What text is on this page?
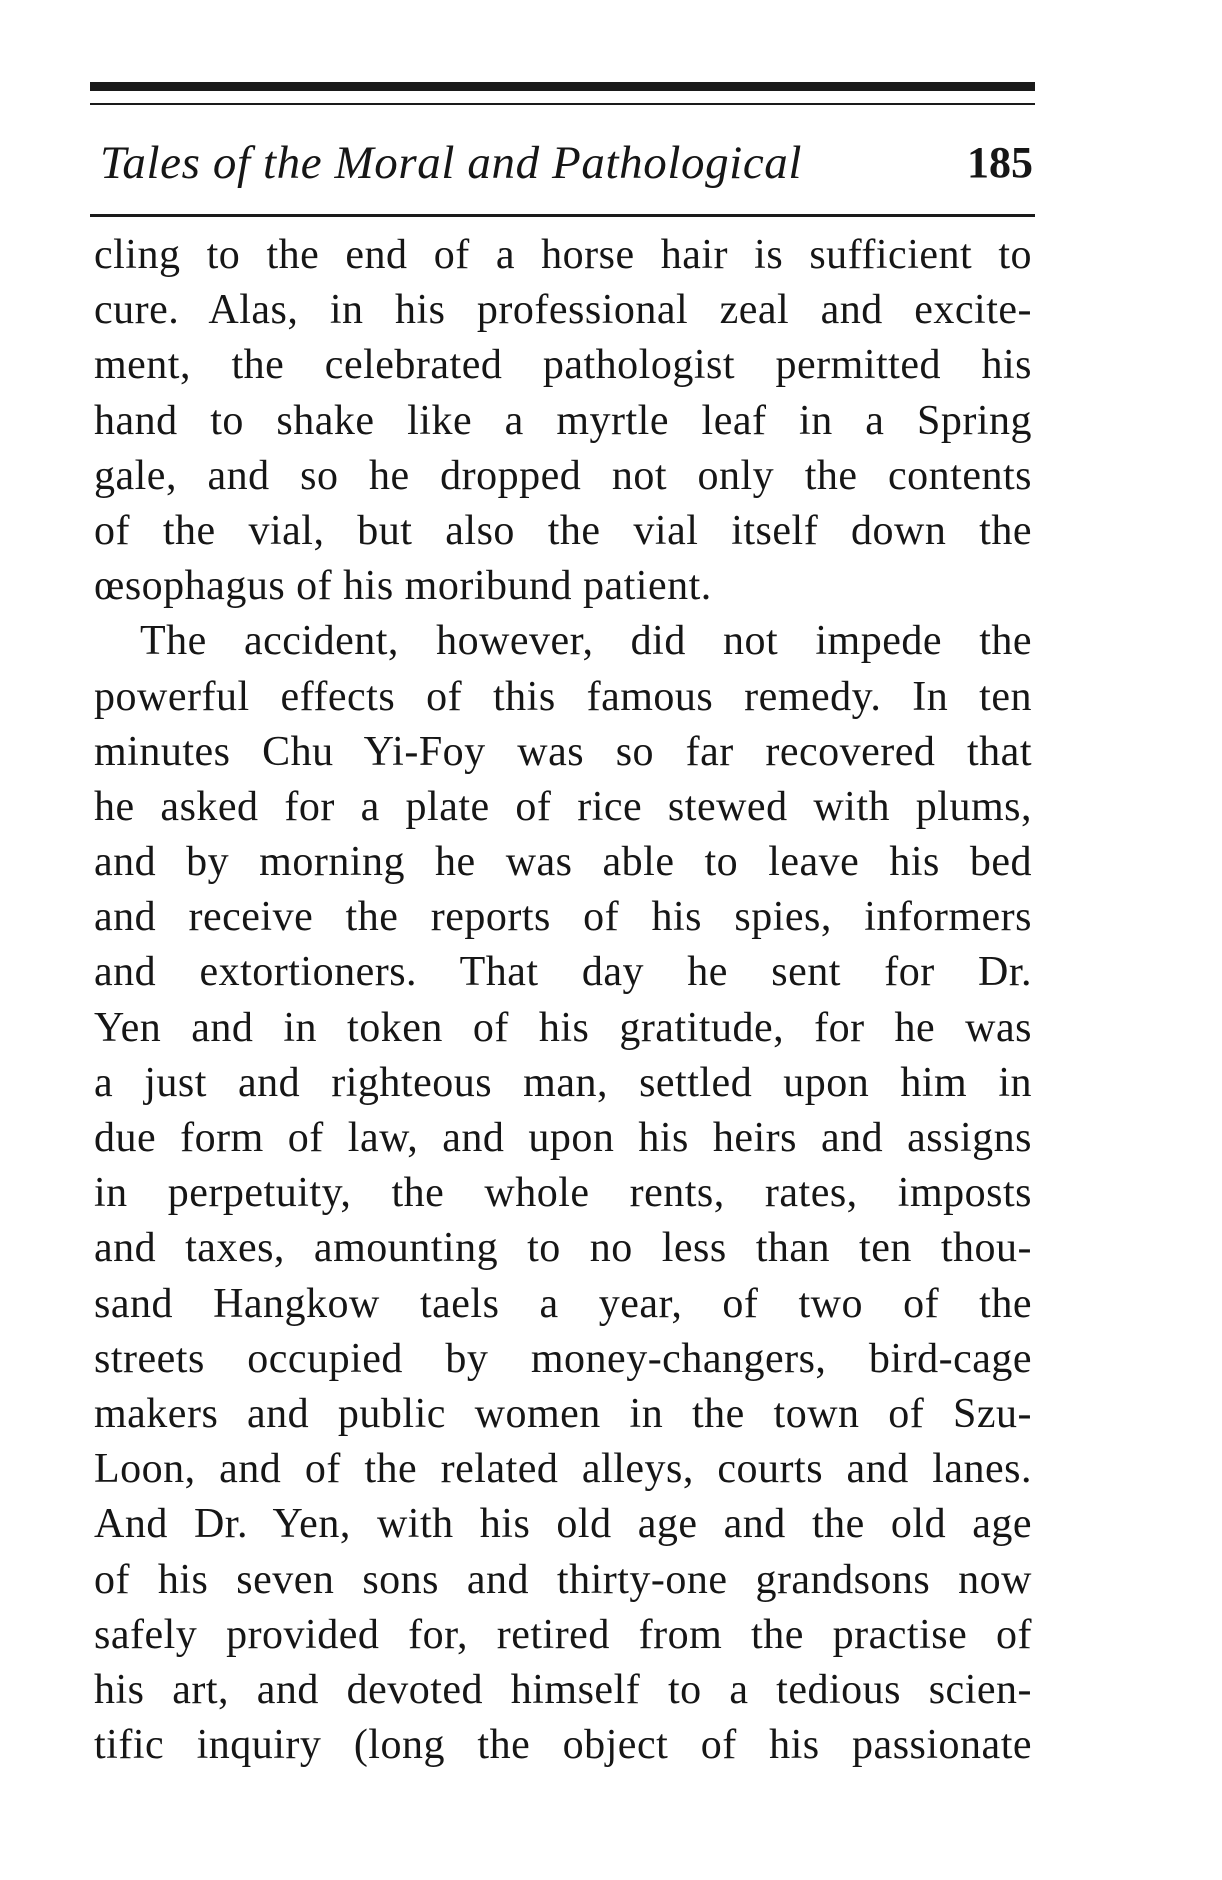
Tales of the Moral and Pathological	185
cling to the end of a horse hair is sufficient to
cure. Alas, in his professional zeal and excite-
ment, the celebrated pathologist permitted his
hand to shake like a myrtle leaf in a Spring
gale, and so he dropped not only the contents
of the vial, but also the vial itself down the
œsophagus of his moribund patient.
The accident, however, did not impede the
powerful effects of this famous remedy. In ten
minutes Chu Yi-Foy was so far recovered that
he asked for a plate of rice stewed with plums,
and by morning he was able to leave his bed
and receive the reports of his spies, informers
and extortioners. That day he sent for Dr.
Yen and in token of his gratitude, for he was
a just and righteous man, settled upon him in
due form of law, and upon his heirs and assigns
in perpetuity, the whole rents, rates, imposts
and taxes, amounting to no less than ten thou-
sand Hangkow taels a year, of two of the
streets occupied by money-changers, bird-cage
makers and public women in the town of Szu-
Loon, and of the related alleys, courts and lanes.
And Dr. Yen, with his old age and the old age
of his seven sons and thirty-one grandsons now
safely provided for, retired from the practise of
his art, and devoted himself to a tedious scien-
tific inquiry (long the object of his passionate
